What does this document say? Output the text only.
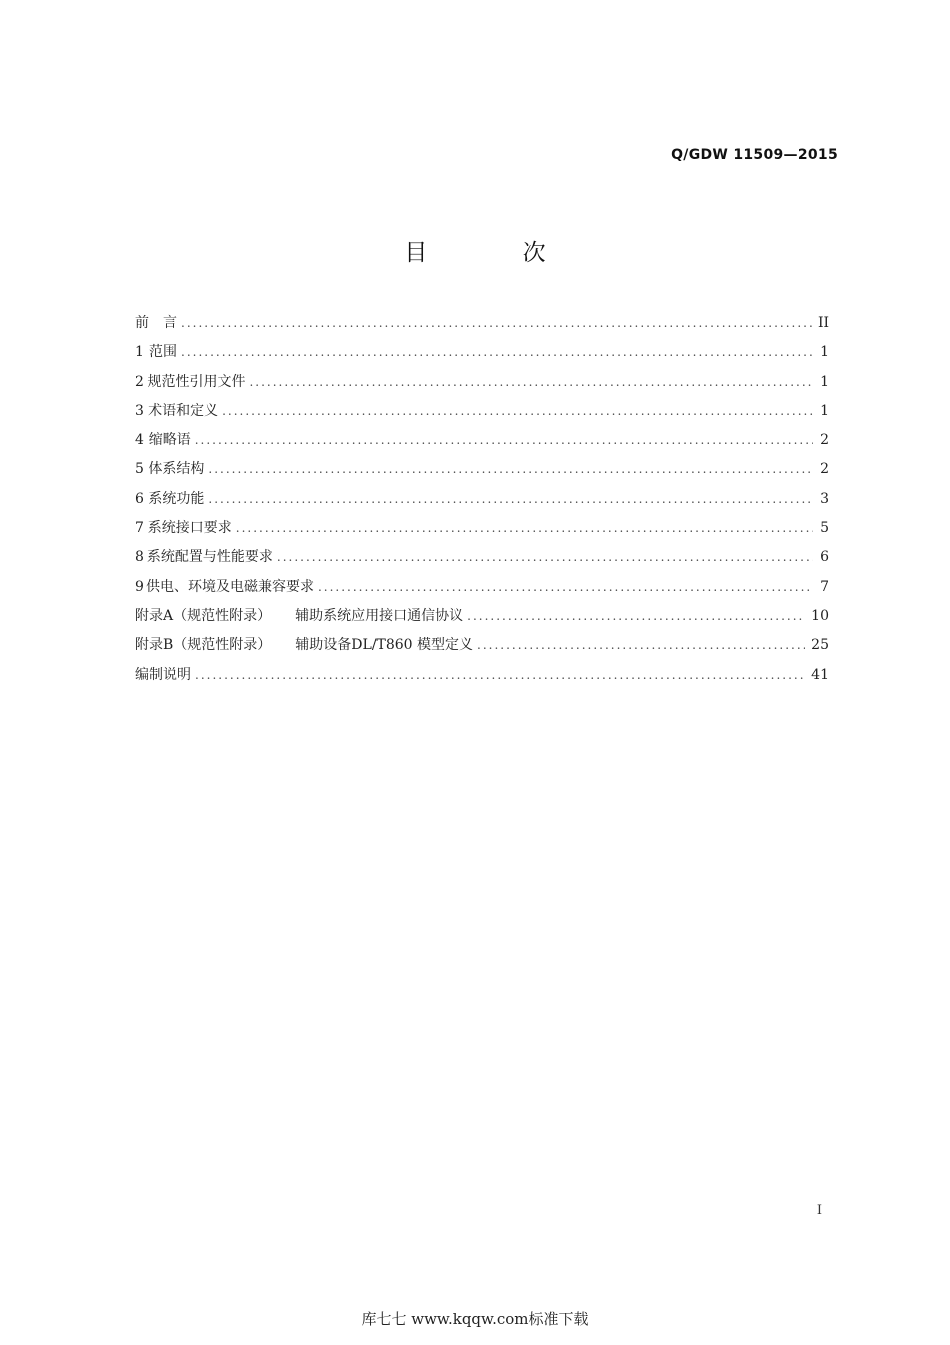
Q/GDW 11509—2015
目 次
前　言 .....	II
1 范围 .....	1
2 规范性引用文件 .....	1
3 术语和定义 .....	1
4 缩略语 .....	2
5 体系结构 .....	2
6 系统功能 .....	3
7 系统接口要求 .....	5
8 系统配置与性能要求 .....	6
9 供电、环境及电磁兼容要求 .....	7
附录A（规范性附录） 辅助系统应用接口通信协议 .....	10
附录B（规范性附录） 辅助设备DL/T860 模型定义 .....	25
编制说明 .....	41
I
库七七 www.kqqw.com标准下载
